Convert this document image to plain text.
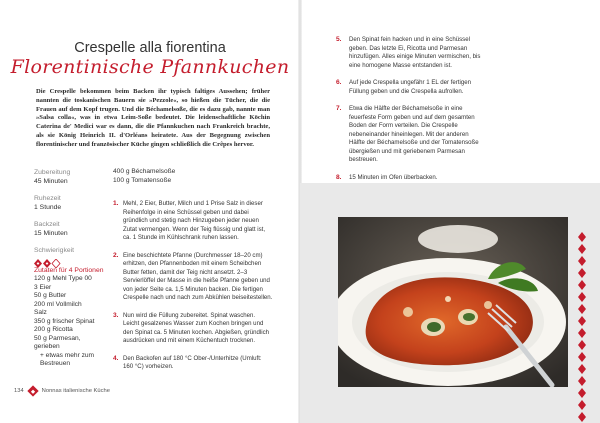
Crespelle alla fiorentina
Florentinische Pfannkuchen

Die Crespelle bekommen beim Backen ihr typisch faltiges Aussehen; früher nannten die toskanischen Bauern sie »Pezzole«, so hießen die Tücher, die die Frauen auf dem Kopf trugen. Und die Béchamelsoße, die es dazu gab, nannte man »Salsa colla«, was in etwa Leim-Soße bedeutet. Die leidenschaftliche Köchin Caterina de' Medici war es dann, die die Pfannkuchen nach Frankreich brachte, als sie König Heinrich II. d'Orléans heiratete. Aus der Begegnung zwischen florentinischer und französischer Küche gingen schließlich die Crêpes hervor.

Zubereitung
45 Minuten
Ruhezeit
1 Stunde
Backzeit
15 Minuten
Schwierigkeit
Zutaten für 4 Portionen
120 g Mehl Type 00
3 Eier
50 g Butter
200 ml Vollmilch
Salz
350 g frischer Spinat
200 g Ricotta
50 g Parmesan, gerieben
+ etwas mehr zum
Bestreuen
400 g Béchamelsoße
100 g Tomatensoße
1. Mehl, 2 Eier, Butter, Milch und 1 Prise Salz in dieser Reihenfolge in eine Schüssel geben und dabei gründlich und stetig nach Hinzugeben jeder neuen Zutat vermengen. Wenn der Teig flüssig und glatt ist, ca. 1 Stunde im Kühlschrank ruhen lassen.
2. Eine beschichtete Pfanne (Durchmesser 18–20 cm) erhitzen, den Pfannenboden mit einem Scheibchen Butter fetten, damit der Teig nicht ansetzt. 2–3 Servierlöffel der Masse in die heiße Pfanne geben und von jeder Seite ca. 1,5 Minuten backen. Die fertigen Crespelle nach und nach zum Abkühlen beiseitestellen.
3. Nun wird die Füllung zubereitet. Spinat waschen. Leicht gesalzenes Wasser zum Kochen bringen und den Spinat ca. 5 Minuten kochen. Abgießen, gründlich ausdrücken und mit einem Küchentuch trocknen.
4. Den Backofen auf 180 °C Ober-/Unterhitze (Umluft: 160 °C) vorheizen.
134	Nonnas italienische Küche
5. Den Spinat fein hacken und in eine Schüssel geben. Das letzte Ei, Ricotta und Parmesan hinzufügen. Alles einige Minuten vermischen, bis eine homogene Masse entstanden ist.
6. Auf jede Crespella ungefähr 1 EL der fertigen Füllung geben und die Crespella aufrollen.
7. Etwa die Hälfte der Béchamelsoße in eine feuerfeste Form geben und auf dem gesamten Boden der Form verteilen. Die Crespelle nebeneinander hineinlegen. Mit der anderen Hälfte der Béchamelsoße und der Tomatensoße übergießen und mit geriebenem Parmesan bestreuen.
8. 15 Minuten im Ofen überbacken.
